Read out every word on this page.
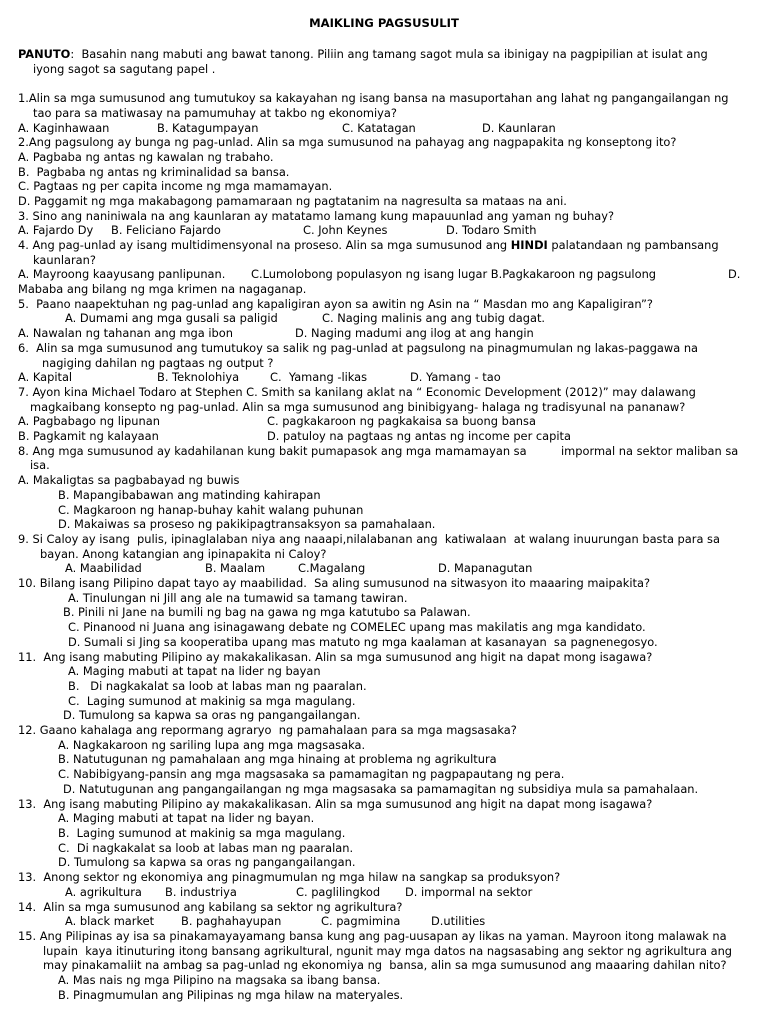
MAIKLING PAGSUSULIT
PANUTO:  Basahin nang mabuti ang bawat tanong. Piliin ang tamang sagot mula sa ibinigay na pagpipilian at isulat ang
iyong sagot sa sagutang papel .
4. Ang pag-unlad ay isang multidimensyonal na proseso. Alin sa mga sumusunod ang HINDI palatandaan ng pambansang
1.Alin sa mga sumusunod ang tumutukoy sa kakayahan ng isang bansa na masuportahan ang lahat ng pangangailangan ng
tao para sa matiwasay na pamumuhay at takbo ng ekonomiya?
A. Kaginhawaan	B. Katagumpayan	C. Katatagan	D. Kaunlaran
2.Ang pagsulong ay bunga ng pag-unlad. Alin sa mga sumusunod na pahayag ang nagpapakita ng konseptong ito?
A. Pagbaba ng antas ng kawalan ng trabaho.
B.  Pagbaba ng antas ng kriminalidad sa bansa.
C. Pagtaas ng per capita income ng mga mamamayan.
D. Paggamit ng mga makabagong pamamaraan ng pagtatanim na nagresulta sa mataas na ani.
3. Sino ang naniniwala na ang kaunlaran ay matatamo lamang kung mapauunlad ang yaman ng buhay?
A. Fajardo Dy B. Feliciano Fajardo	C. John Keynes	D. Todaro Smith
kaunlaran?
A. Mayroong kaayusang panlipunan. C.Lumolobong populasyon ng isang lugar B.Pagkakaroon ng pagsulong	D.
Mababa ang bilang ng mga krimen na nagaganap.
5.  Paano naapektuhan ng pag-unlad ang kapaligiran ayon sa awitin ng Asin na “ Masdan mo ang Kapaligiran”?
A. Dumami ang mga gusali sa paligid	C. Naging malinis ang ang tubig dagat.
A. Nawalan ng tahanan ang mga ibon	D. Naging madumi ang ilog at ang hangin
6.  Alin sa mga sumusunod ang tumutukoy sa salik ng pag-unlad at pagsulong na pinagmumulan ng lakas-paggawa na
nagiging dahilan ng pagtaas ng output ?
A. Kapital	B. Teknolohiya	C.  Yamang -likas	D. Yamang - tao
7. Ayon kina Michael Todaro at Stephen C. Smith sa kanilang aklat na “ Economic Development (2012)” may dalawang
magkaibang konsepto ng pag-unlad. Alin sa mga sumusunod ang binibigyang- halaga ng tradisyunal na pananaw?
A. Pagbabago ng lipunan	C. pagkakaroon ng pagkakaisa sa buong bansa
B. Pagkamit ng kalayaan	D. patuloy na pagtaas ng antas ng income per capita
8. Ang mga sumusunod ay kadahilanan kung bakit pumapasok ang mga mamamayan sa	impormal na sektor maliban sa
isa.
A. Makaligtas sa pagbabayad ng buwis
B. Mapangibabawan ang matinding kahirapan
C. Magkaroon ng hanap-buhay kahit walang puhunan
D. Makaiwas sa proseso ng pakikipagtransaksyon sa pamahalaan.
9. Si Caloy ay isang  pulis, ipinaglalaban niya ang naaapi,nilalabanan ang  katiwalaan  at walang inuurungan basta para sa
bayan. Anong katangian ang ipinapakita ni Caloy?
A. Maabilidad	B. Maalam	C.Magalang	D. Mapanagutan
10. Bilang isang Pilipino dapat tayo ay maabilidad.  Sa aling sumusunod na sitwasyon ito maaaring maipakita?
A. Tinulungan ni Jill ang ale na tumawid sa tamang tawiran.
B. Pinili ni Jane na bumili ng bag na gawa ng mga katutubo sa Palawan.
C. Pinanood ni Juana ang isinagawang debate ng COMELEC upang mas makilatis ang mga kandidato.
D. Sumali si Jing sa kooperatiba upang mas matuto ng mga kaalaman at kasanayan  sa pagnenegosyo.
11.  Ang isang mabuting Pilipino ay makakalikasan. Alin sa mga sumusunod ang higit na dapat mong isagawa?
A. Maging mabuti at tapat na lider ng bayan
B.   Di nagkakalat sa loob at labas man ng paaralan.
C.  Laging sumunod at makinig sa mga magulang.
D. Tumulong sa kapwa sa oras ng pangangailangan.
12. Gaano kahalaga ang repormang agraryo  ng pamahalaan para sa mga magsasaka?
A. Nagkakaroon ng sariling lupa ang mga magsasaka.
B. Natutugunan ng pamahalaan ang mga hinaing at problema ng agrikultura
C. Nabibigyang-pansin ang mga magsasaka sa pamamagitan ng pagpapautang ng pera.
D. Natutugunan ang pangangailangan ng mga magsasaka sa pamamagitan ng subsidiya mula sa pamahalaan.
13.  Ang isang mabuting Pilipino ay makakalikasan. Alin sa mga sumusunod ang higit na dapat mong isagawa?
A. Maging mabuti at tapat na lider ng bayan.
B.  Laging sumunod at makinig sa mga magulang.
C.  Di nagkakalat sa loob at labas man ng paaralan.
D. Tumulong sa kapwa sa oras ng pangangailangan.
13.  Anong sektor ng ekonomiya ang pinagmumulan ng mga hilaw na sangkap sa produksyon?
A. agrikultura B. industriya	C. paglilingkod D. impormal na sektor
14.  Alin sa mga sumusunod ang kabilang sa sektor ng agrikultura?
A. black market B. paghahayupan	C. pagmimina	D.utilities
15. Ang Pilipinas ay isa sa pinakamayayamang bansa kung ang pag-uusapan ay likas na yaman. Mayroon itong malawak na
lupain  kaya itinuturing itong bansang agrikultural, ngunit may mga datos na nagsasabing ang sektor ng agrikultura ang
may pinakamaliit na ambag sa pag-unlad ng ekonomiya ng  bansa, alin sa mga sumusunod ang maaaring dahilan nito?
A. Mas nais ng mga Pilipino na magsaka sa ibang bansa.
B. Pinagmumulan ang Pilipinas ng mga hilaw na materyales.
